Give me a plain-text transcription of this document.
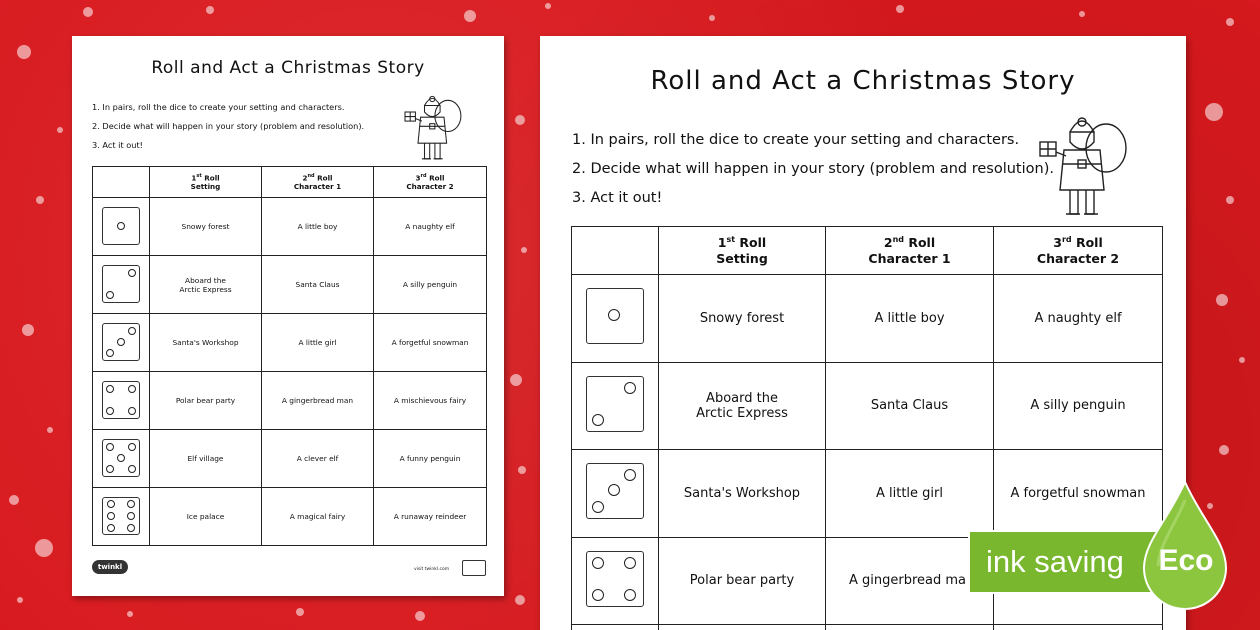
Roll and Act a Christmas Story
1. In pairs, roll the dice to create your setting and characters.
2. Decide what will happen in your story (problem and resolution).
3. Act it out!
	1st Roll
Setting	2nd Roll
Character 1	3rd Roll
Character 2

	Snowy forest	A little boy	A naughty elf

	Aboard the
Arctic Express	Santa Claus	A silly penguin

	Santa's Workshop	A little girl	A forgetful snowman

	Polar bear party	A gingerbread man	A mischievous fairy

	Elf village	A clever elf	A funny penguin

	Ice palace	A magical fairy	A runaway reindeer
twinkl	visit twinkl.com
Roll and Act a Christmas Story
1. In pairs, roll the dice to create your setting and characters.
2. Decide what will happen in your story (problem and resolution).
3. Act it out!
	1st Roll
Setting	2nd Roll
Character 1	3rd Roll
Character 2

	Snowy forest	A little boy	A naughty elf

	Aboard the
Arctic Express	Santa Claus	A silly penguin

	Santa's Workshop	A little girl	A forgetful snowman

	Polar bear party	A gingerbread ma	

ink saving	Eco
